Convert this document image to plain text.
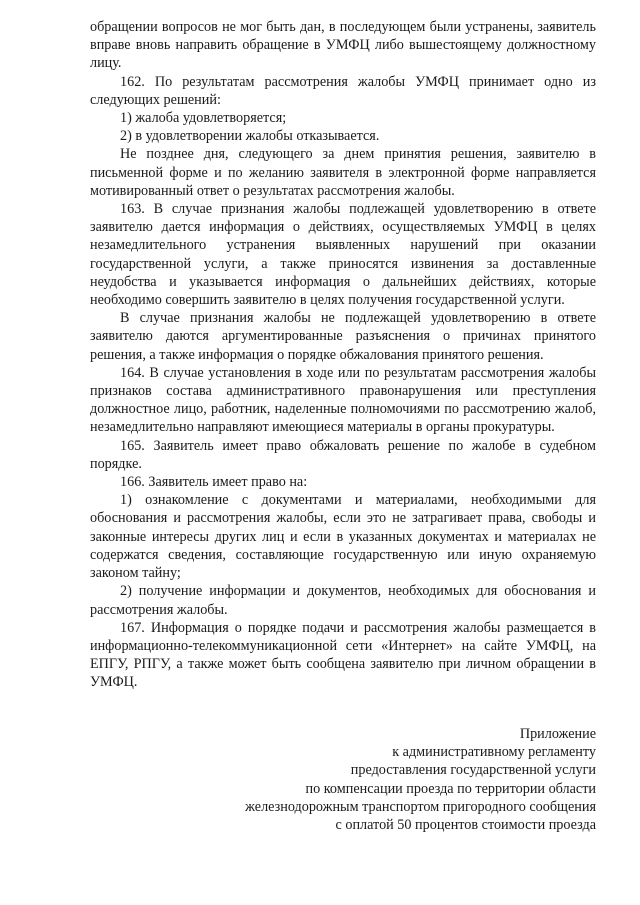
обращении вопросов не мог быть дан, в последующем были устранены, заявитель вправе вновь направить обращение в УМФЦ либо вышестоящему должностному лицу.

162. По результатам рассмотрения жалобы УМФЦ принимает одно из следующих решений:

1) жалоба удовлетворяется;

2) в удовлетворении жалобы отказывается.

Не позднее дня, следующего за днем принятия решения, заявителю в письменной форме и по желанию заявителя в электронной форме направляется мотивированный ответ о результатах рассмотрения жалобы.

163. В случае признания жалобы подлежащей удовлетворению в ответе заявителю дается информация о действиях, осуществляемых УМФЦ в целях незамедлительного устранения выявленных нарушений при оказании государственной услуги, а также приносятся извинения за доставленные неудобства и указывается информация о дальнейших действиях, которые необходимо совершить заявителю в целях получения государственной услуги.

В случае признания жалобы не подлежащей удовлетворению в ответе заявителю даются аргументированные разъяснения о причинах принятого решения, а также информация о порядке обжалования принятого решения.

164. В случае установления в ходе или по результатам рассмотрения жалобы признаков состава административного правонарушения или преступления должностное лицо, работник, наделенные полномочиями по рассмотрению жалоб, незамедлительно направляют имеющиеся материалы в органы прокуратуры.

165. Заявитель имеет право обжаловать решение по жалобе в судебном порядке.

166. Заявитель имеет право на:

1) ознакомление с документами и материалами, необходимыми для обоснования и рассмотрения жалобы, если это не затрагивает права, свободы и законные интересы других лиц и если в указанных документах и материалах не содержатся сведения, составляющие государственную или иную охраняемую законом тайну;

2) получение информации и документов, необходимых для обоснования и рассмотрения жалобы.

167. Информация о порядке подачи и рассмотрения жалобы размещается в информационно-телекоммуникационной сети «Интернет» на сайте УМФЦ, на ЕПГУ, РПГУ, а также может быть сообщена заявителю при личном обращении в УМФЦ.

Приложение
к административному регламенту
предоставления государственной услуги
по компенсации проезда по территории области
железнодорожным транспортом пригородного сообщения
с оплатой 50 процентов стоимости проезда
